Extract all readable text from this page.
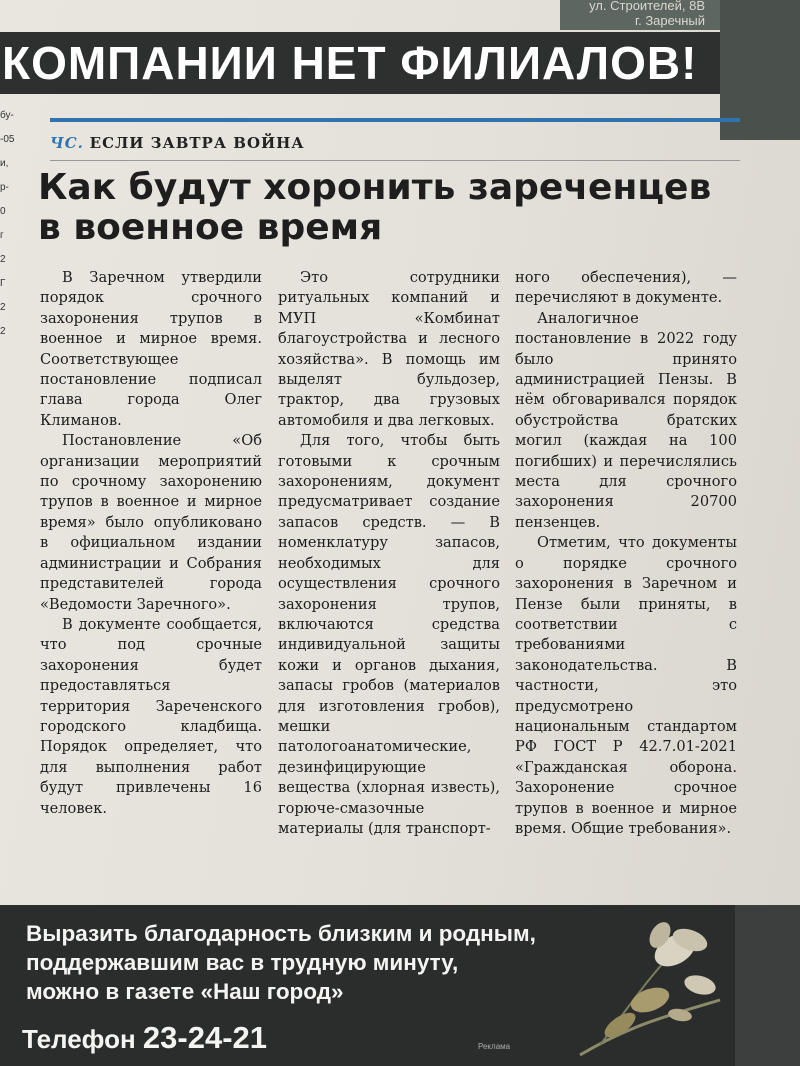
ул. Строителей, 8В
г. Заречный
КОМПАНИИ НЕТ ФИЛИАЛОВ!
бу-
-05
и,
р-
0
г
2
Г
2
2
ЧС. ЕСЛИ ЗАВТРА ВОЙНА
Как будут хоронить зареченцев
в военное время

В Заречном утвердили порядок срочного захоронения трупов в военное и мирное время. Соответствующее постановление подписал глава города Олег Климанов.

Постановление «Об организации мероприятий по срочному захоронению трупов в военное и мирное время» было опубликовано в официальном издании администрации и Собрания представителей города «Ведомости Заречного».

В документе сообщается, что под срочные захоронения будет предоставляться территория Зареченского городского кладбища. Порядок определяет, что для выполнения работ будут привлечены 16 человек.

Это сотрудники ритуальных компаний и МУП «Комбинат благоустройства и лесного хозяйства». В помощь им выделят бульдозер, трактор, два грузовых автомобиля и два легковых.

Для того, чтобы быть готовыми к срочным захоронениям, документ предусматривает создание запасов средств. — В номенклатуру запасов, необходимых для осуществления срочного захоронения трупов, включаются средства индивидуальной защиты кожи и органов дыхания, запасы гробов (материалов для изготовления гробов), мешки патологоанатомические, дезинфицирующие вещества (хлорная известь), горюче-смазочные материалы (для транспорт-

ного обеспечения), — перечисляют в документе.

Аналогичное постановление в 2022 году было принято администрацией Пензы. В нём обговаривался порядок обустройства братских могил (каждая на 100 погибших) и перечислялись места для срочного захоронения 20700 пензенцев.

Отметим, что документы о порядке срочного захоронения в Заречном и Пензе были приняты, в соответствии с требованиями законодательства. В частности, это предусмотрено национальным стандартом РФ ГОСТ Р 42.7.01-2021 «Гражданская оборона. Захоронение срочное трупов в военное и мирное время. Общие требования».

Выразить благодарность близким и родным,
поддержавшим вас в трудную минуту,
можно в газете «Наш город»
Телефон 23-24-21	Реклама
